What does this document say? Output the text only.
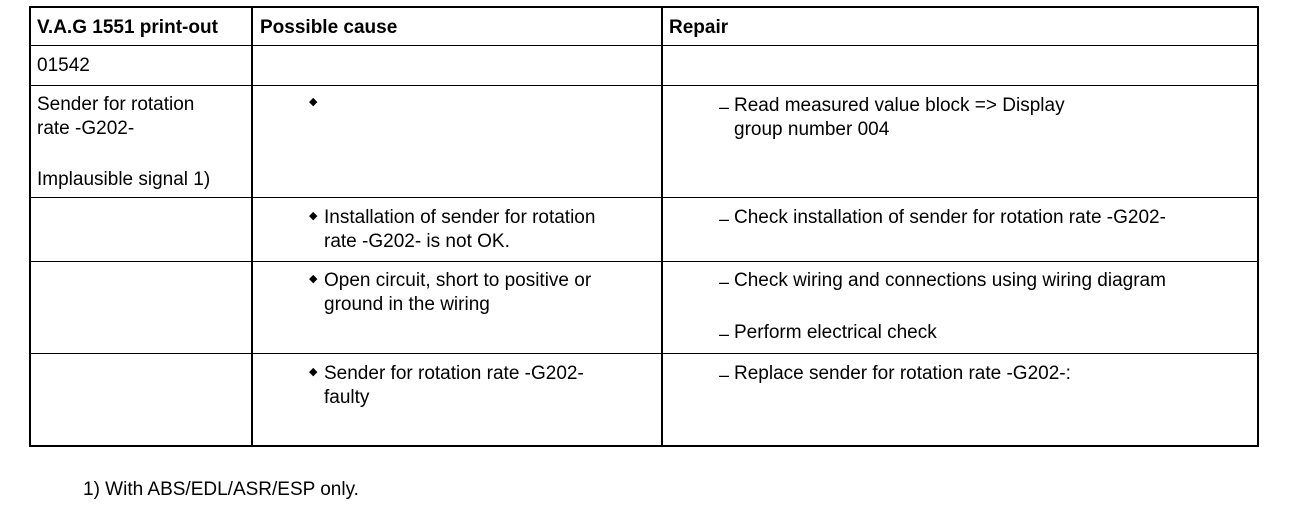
V.A.G 1551 print-out Possible cause	Repair
01542
Sender for rotation
rate -G202-
Implausible signal 1)
◆	– Read measured value block => Display
group number 004
◆ Installation of sender for rotation
rate -G202- is not OK.
– Check installation of sender for rotation rate -G202-
◆ Open circuit, short to positive or
ground in the wiring
– Check wiring and connections using wiring diagram
– Perform electrical check
◆ Sender for rotation rate -G202-
faulty
– Replace sender for rotation rate -G202-:
1) With ABS/EDL/ASR/ESP only.
